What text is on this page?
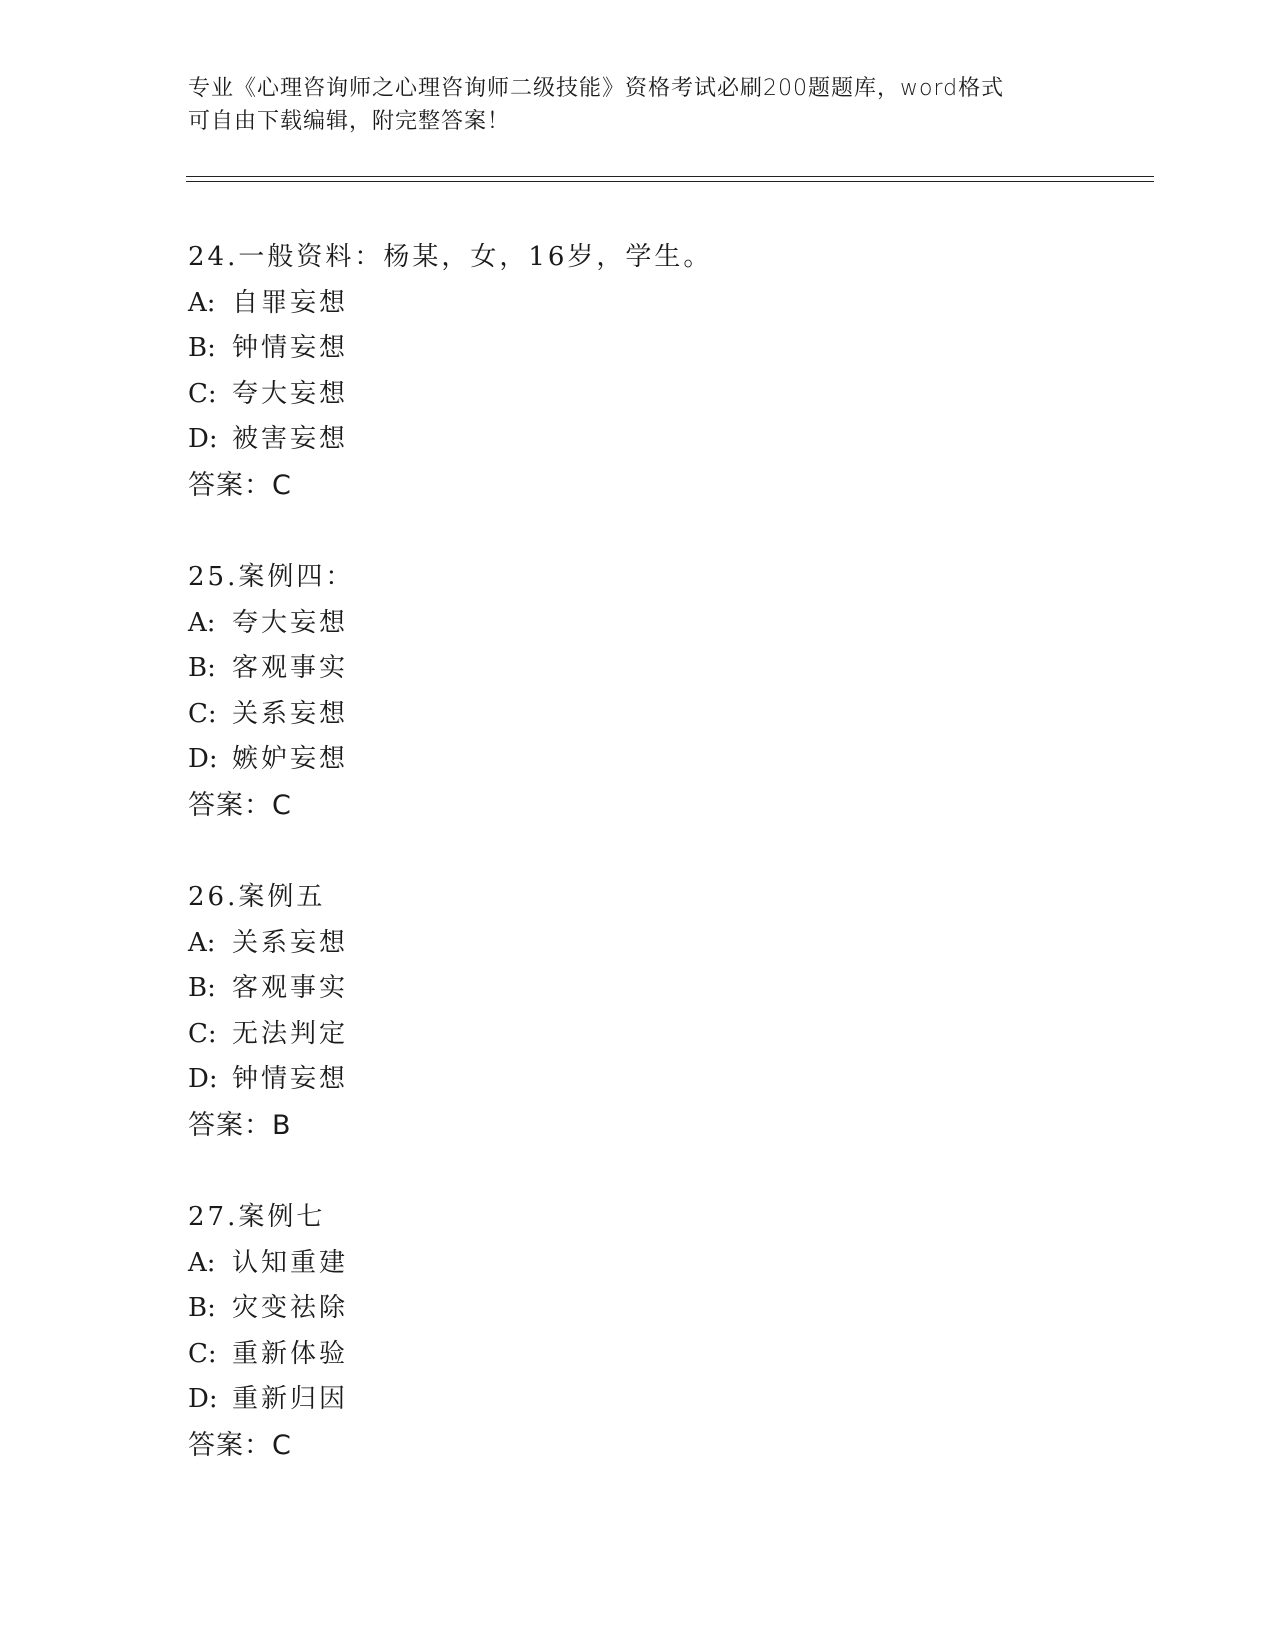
专业《心理咨询师之心理咨询师二级技能》资格考试必刷200题题库，word格式
可自由下载编辑，附完整答案！
24.一般资料：杨某，女，16岁，学生。
A: 自罪妄想
B: 钟情妄想
C: 夸大妄想
D: 被害妄想
答案：C
25.案例四：
A: 夸大妄想
B: 客观事实
C: 关系妄想
D: 嫉妒妄想
答案：C
26.案例五
A: 关系妄想
B: 客观事实
C: 无法判定
D: 钟情妄想
答案：B
27.案例七
A: 认知重建
B: 灾变祛除
C: 重新体验
D: 重新归因
答案：C
